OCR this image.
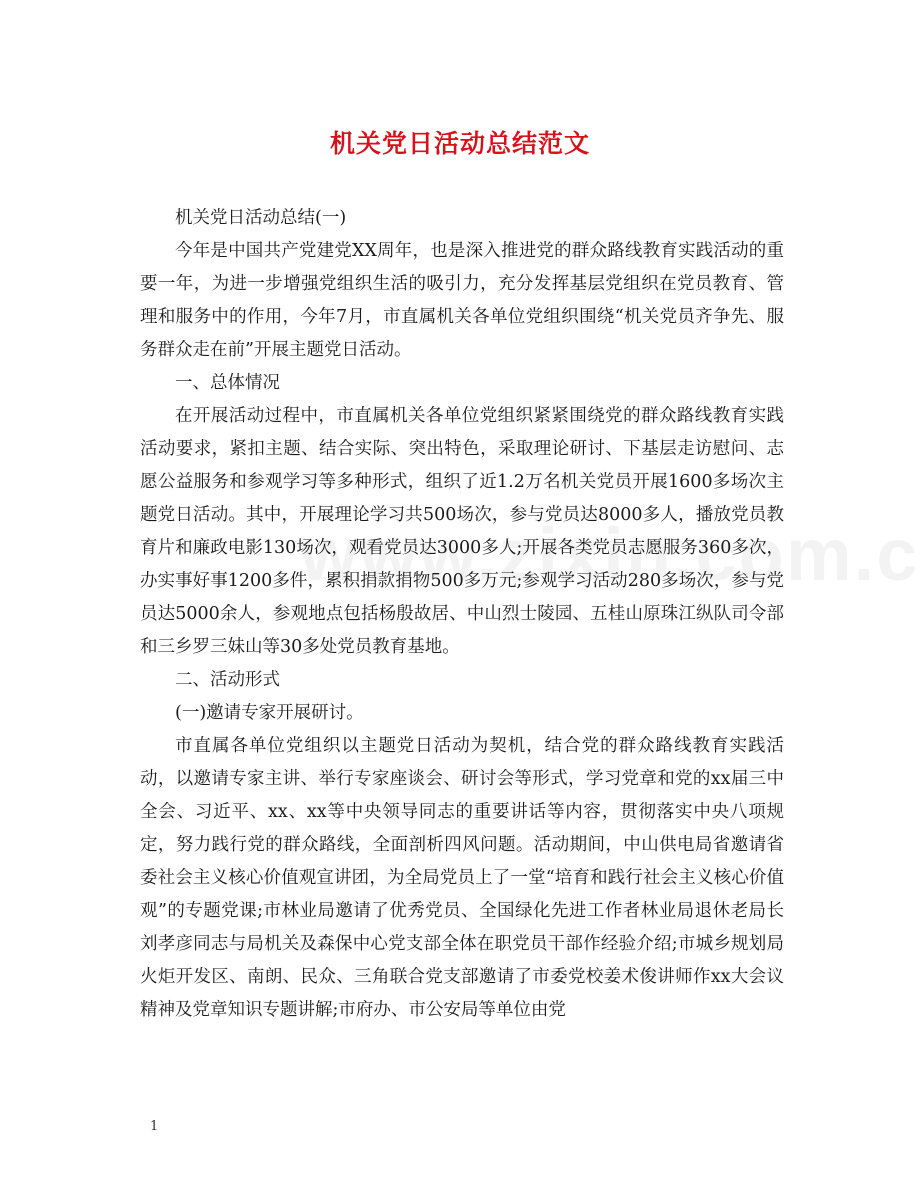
机关党日活动总结范文

机关党日活动总结(一)

今年是中国共产党建党XX周年，也是深入推进党的群众路线教育实践活动的重要一年，为进一步增强党组织生活的吸引力，充分发挥基层党组织在党员教育、管理和服务中的作用，今年7月，市直属机关各单位党组织围绕“机关党员齐争先、服务群众走在前”开展主题党日活动。

一、总体情况

在开展活动过程中，市直属机关各单位党组织紧紧围绕党的群众路线教育实践活动要求，紧扣主题、结合实际、突出特色，采取理论研讨、下基层走访慰问、志愿公益服务和参观学习等多种形式，组织了近1.2万名机关党员开展1600多场次主题党日活动。其中，开展理论学习共500场次，参与党员达8000多人，播放党员教育片和廉政电影130场次，观看党员达3000多人;开展各类党员志愿服务360多次，办实事好事1200多件，累积捐款捐物500多万元;参观学习活动280多场次，参与党员达5000余人，参观地点包括杨殷故居、中山烈士陵园、五桂山原珠江纵队司令部和三乡罗三妹山等30多处党员教育基地。

二、活动形式

(一)邀请专家开展研讨。

市直属各单位党组织以主题党日活动为契机，结合党的群众路线教育实践活动，以邀请专家主讲、举行专家座谈会、研讨会等形式，学习党章和党的xx届三中全会、习近平、xx、xx等中央领导同志的重要讲话等内容，贯彻落实中央八项规定，努力践行党的群众路线，全面剖析四风问题。活动期间，中山供电局省邀请省委社会主义核心价值观宣讲团，为全局党员上了一堂“培育和践行社会主义核心价值观”的专题党课;市林业局邀请了优秀党员、全国绿化先进工作者林业局退休老局长刘孝彦同志与局机关及森保中心党支部全体在职党员干部作经验介绍;市城乡规划局火炬开发区、南朗、民众、三角联合党支部邀请了市委党校姜术俊讲师作xx大会议精神及党章知识专题讲解;市府办、市公安局等单位由党

1
